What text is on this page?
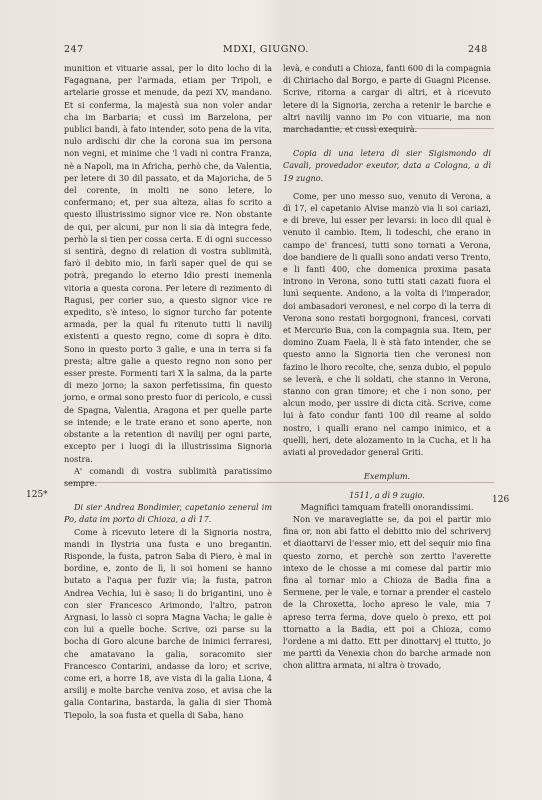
247	MDXI, GIUGNO.	248
125*	126

munition et vituarie assai, per lo dito locho di la Fagagnana, per l'armada, etiam per Tripoli, e artelarie grosse et menude, da pezi XV, mandano. Et si conferma, la majestà sua non voler andar cha im Barbaria; et cussì im Barzelona, per publici bandi, à fato intender, soto pena de la vita, nulo ardischi dir che la corona sua im persona non vegni, et minime che 'l vadi nì contra Franza, nè a Napoli, ma in Africha, perhò che, da Valentia, per letere di 30 dil passato, et da Majoricha, de 5 del corente, in molti ne sono letere, lo confermano; et, per sua alteza, alias fo scrito a questo illustrissimo signor vice re. Non obstante de qui, per alcuni, pur non li sia dà integra fede, perhò la si tien per cossa certa. E di ogni successo si sentirà, degno di relation di vostra sublimità, farò il debito mio, in farli saper quel de qui se potrà, pregando lo eterno Idio presti inemenla vitoria a questa corona. Per letere di rezimento di Ragusi, per corier suo, a questo signor vice re expedito, s'è inteso, lo signor turcho far potente armada, per la qual fu ritenuto tutti li navilij existenti a questo regno, come di sopra è dito. Sono in questo porto 3 galie, e una in terra si fa presta; altre galie a questo regno non sono per esser preste. Formenti tari X la salma, da la parte di mezo jorno; la saxon perfetissima, fin questo jorno, e ormai sono presto fuor di pericolo, e cussì de Spagna, Valentia, Aragona et per quelle parte se intende; e le trate erano et sono aperte, non obstante a la retention di navilij per ogni parte, excepto per i luogi di la illustrissima Signoria nostra.

A' comandi di vostra sublimità paratissimo sempre.

Di sier Andrea Bondimier, capetanio zeneral im Po, data im porto di Chioza, a dì 17.

Come à ricevuto letere di la Signoria nostra, mandi in Ilystria una fusta e uno bregantin. Risponde, la fusta, patron Saba di Piero, è mal in bordine, e, zonto de lì, li soi homeni se hanno butato a l'aqua per fuzir via; la fusta, patron Andrea Vechia, lui è saso; li do brigantini, uno è con sier Francesco Arimondo, l'altro, patron Argnasi, lo lassò ci sopra Magna Vacha; le galie è con lui a quelle boche. Scrive, ozi parse su la bocha di Goro alcune barche de inimici ferraresi, che amatavano la galia, soracomito sier Francesco Contarini, andasse da loro; et scrive, come eri, a horre 18, ave vista di la galia Liona, 4 arsilij e molte barche veniva zoso, et avisa che la galia Contarina, bastarda, la galia di sier Thomà Tiepolo, la soa fusta et quella di Saba, hano

levà, e conduti a Chioza, fanti 600 di la compagnia di Chiriacho dal Borgo, e parte di Guagni Picense. Scrive, ritorna a cargar di altri, et à ricevuto letere di la Signoria, zercha a retenir le barche e altri navilij vanno im Po con vituarie, ma non marchadantie, et cussì exequirà.

Copia di una letera di sier Sigismondo di Cavali, provedador exeutor, data a Cologna, a dì 19 zugno.

Come, per uno messo suo, venuto di Verona, a dì 17, el capetanio Alvise manzò via li soi cariazi, e di breve, lui esser per levarsi: in loco dil qual è venuto il cambio. Item, li todeschi, che erano in campo de' francesi, tutti sono tornati a Verona, doe bandiere de li qualli sono andati verso Trento, e li fanti 400, che domenica proxima pasata introno in Verona, sono tutti stati cazati fuora el lunì sequente. Andono, a la volta di l'imperador, doi ambasadori veronesi, e nel corpo di la terra di Verona sono restati borgognoni, francesi, corvati et Mercurio Bua, con la compagnia sua. Item, per domino Zuam Faela, li è stà fato intender, che se questo anno la Signoria tien che veronesi non fazino le lhoro recolte, che, senza dubio, el populo se leverà, e che li soldati, che stanno in Verona, stanno con gran timore; et che i non sono, per alcun modo, per ussire di dicta cità. Scrive, come lui à fato condur fanti 100 dil reame al soldo nostro, i qualli erano nel campo inimico, et a quelli, heri, dete alozamento in la Cucha, et li ha aviati al provedador general Griti.

Exemplum.

1511, a dì 9 zugio.

Magnifici tamquam fratelli onorandissimi.

Non ve maravegiatte se, da poi el partir mio fina or, non abi fatto el debitto mio del schrivervj et diaottarvi de l'esser mio, ett del sequir mio fina questo zorno, et perchè son zertto l'averette intexo de le chosse a mi comese dal partir mio fina al tornar mio a Chioza de Badia fina a Sermene, per le vale, e tornar a prender el castelo de la Chroxetta, locho apreso le vale, mia 7 apreso terra ferma, dove quelo ò prexo, ett poi ttornatto a la Badia, ett poi a Chioza, como l'ordene a mi datto. Ett per dinottarvj el ttutto, jo me parttì da Venexia chon do barche armade non chon alittra armata, ni altra ò trovado,
